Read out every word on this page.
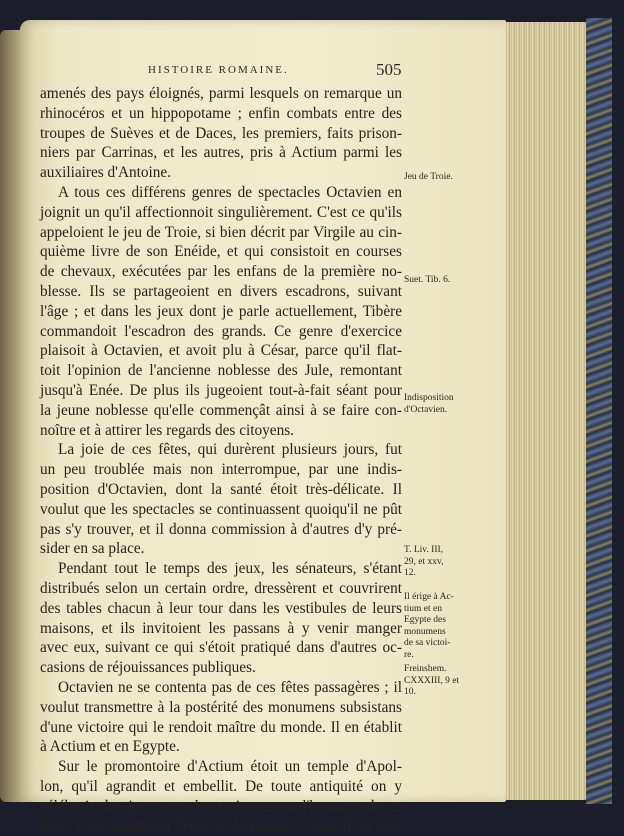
HISTOIRE ROMAINE.	505
amenés des pays éloignés, parmi lesquels on remarque un
rhinocéros et un hippopotame ; enfin combats entre des
troupes de Suèves et de Daces, les premiers, faits prison-
niers par Carrinas, et les autres, pris à Actium parmi les
auxiliaires d'Antoine.
A tous ces différens genres de spectacles Octavien en
joignit un qu'il affectionnoit singulièrement. C'est ce qu'ils
appeloient le jeu de Troie, si bien décrit par Virgile au cin-
quième livre de son Enéide, et qui consistoit en courses
de chevaux, exécutées par les enfans de la première no-
blesse. Ils se partageoient en divers escadrons, suivant
l'âge ; et dans les jeux dont je parle actuellement, Tibère
commandoit l'escadron des grands. Ce genre d'exercice
plaisoit à Octavien, et avoit plu à César, parce qu'il flat-
toit l'opinion de l'ancienne noblesse des Jule, remontant
jusqu'à Enée. De plus ils jugeoient tout-à-fait séant pour
la jeune noblesse qu'elle commençât ainsi à se faire con-
noître et à attirer les regards des citoyens.
La joie de ces fêtes, qui durèrent plusieurs jours, fut
un peu troublée mais non interrompue, par une indis-
position d'Octavien, dont la santé étoit très-délicate. Il
voulut que les spectacles se continuassent quoiqu'il ne pût
pas s'y trouver, et il donna commission à d'autres d'y pré-
sider en sa place.
Pendant tout le temps des jeux, les sénateurs, s'étant
distribués selon un certain ordre, dressèrent et couvrirent
des tables chacun à leur tour dans les vestibules de leurs
maisons, et ils invitoient les passans à y venir manger
avec eux, suivant ce qui s'étoit pratiqué dans d'autres oc-
casions de réjouissances publiques.
Octavien ne se contenta pas de ces fêtes passagères ; il
voulut transmettre à la postérité des monumens subsistans
d'une victoire qui le rendoit maître du monde. Il en établit
à Actium et en Egypte.
Sur le promontoire d'Actium étoit un temple d'Apol-
lon, qu'il agrandit et embellit. De toute antiquité on y
célébroit des jeux tous les trois ans en l'honneur de ce
dieu. Il en augmenta l'éclat et la pompe ; mais il en pro-
Jeu de Troie.
Suet. Tib. 6.
Indisposition
d'Octavien.
T. Liv. III,
29, et xxv,
12.
Il érige à Ac-
tium et en
Egypte des
monumens
de sa victoi-
re.
Freinshem.
CXXXIII, 9 et
10.
